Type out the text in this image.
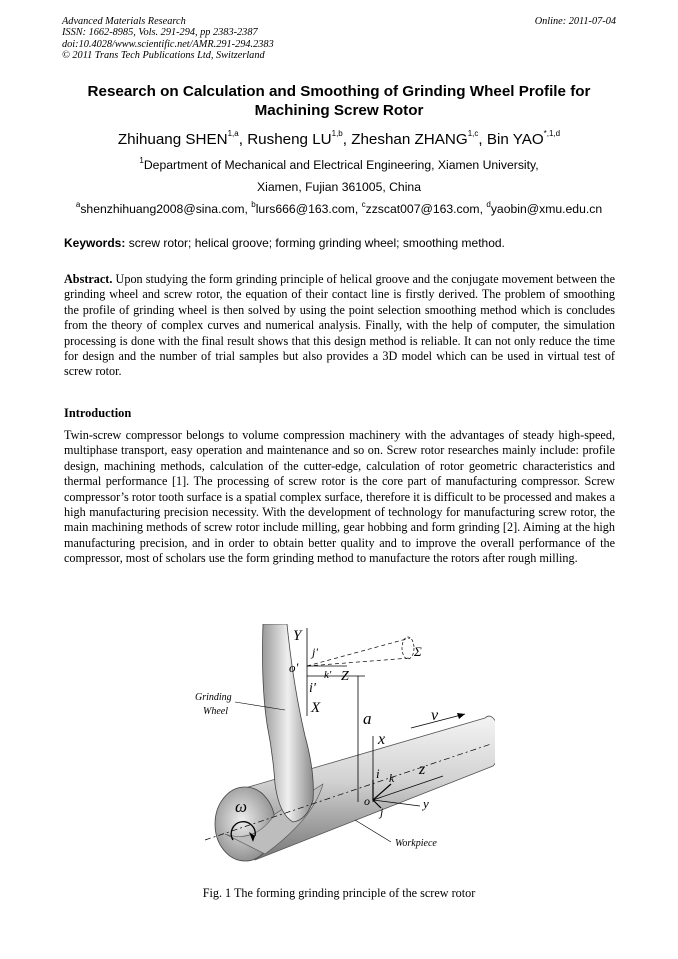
Advanced Materials Research
ISSN: 1662-8985, Vols. 291-294, pp 2383-2387
doi:10.4028/www.scientific.net/AMR.291-294.2383
© 2011 Trans Tech Publications Ltd, Switzerland
Online: 2011-07-04
Research on Calculation and Smoothing of Grinding Wheel Profile for Machining Screw Rotor
Zhihuang SHEN$^{1,a}$, Rusheng LU$^{1,b}$, Zheshan ZHANG$^{1,c}$, Bin $YAO^{*,1,d}$
$^1$Department of Mechanical and Electrical Engineering, Xiamen University,
Xiamen, Fujian 361005, China
$^a$shenzhihuang2008@sina.com, $^b$lurs666@163.com, $^c$zzscat007@163.com, $^d$yaobin@xmu.edu.cn
Keywords: screw rotor; helical groove; forming grinding wheel; smoothing method.
Abstract. Upon studying the form grinding principle of helical groove and the conjugate movement between the grinding wheel and screw rotor, the equation of their contact line is firstly derived. The problem of smoothing the profile of grinding wheel is then solved by using the point selection smoothing method which is concludes from the theory of complex curves and numerical analysis. Finally, with the help of computer, the simulation processing is done with the final result shows that this design method is reliable. It can not only reduce the time for design and the number of trial samples but also provides a 3D model which can be used in virtual test of screw rotor.
Introduction
Twin-screw compressor belongs to volume compression machinery with the advantages of steady high-speed, multiphase transport, easy operation and maintenance and so on. Screw rotor researches mainly include: profile design, machining methods, calculation of the cutter-edge, calculation of rotor geometric characteristics and thermal performance [1]. The processing of screw rotor is the core part of manufacturing compressor. Screw compressor’s rotor tooth surface is a spatial complex surface, therefore it is difficult to be processed and makes a high manufacturing precision necessity. With the development of technology for manufacturing screw rotor, the main machining methods of screw rotor include milling, gear hobbing and form grinding [2]. Aiming at the high manufacturing precision, and in order to obtain better quality and to improve the overall performance of the compressor, most of scholars use the form grinding method to manufacture the rotors after rough milling.
Grinding
Wheel
Workpiece
Y
j'
o' k' Z
i'
X
Σ
a	v
x
z
i k
o
j
y
ω
Fig. 1 The forming grinding principle of the screw rotor
